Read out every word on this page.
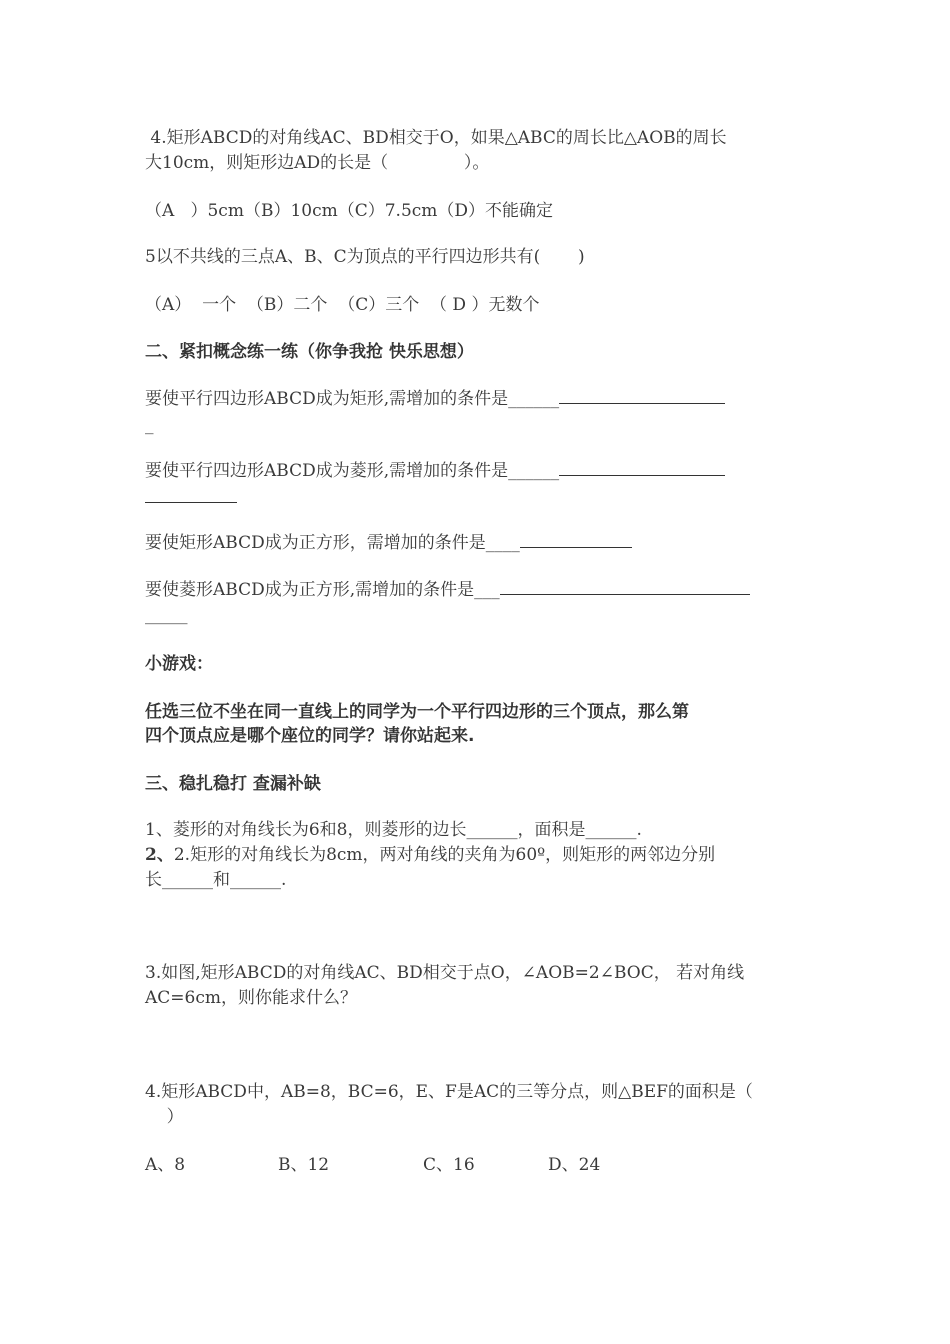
4.矩形ABCD的对角线AC、BD相交于O，如果△ABC的周长比△AOB的周长

大10cm，则矩形边AD的长是（              ）。

（A   ）5cm（B）10cm（C）7.5cm（D）不能确定

5以不共线的三点A、B、C为顶点的平行四边形共有(       )

（A）  一个  （B）二个  （C）三个  （ D ）无数个

二、紧扣概念练一练（你争我抢 快乐思想）

要使平行四边形ABCD成为矩形,需增加的条件是______

_

要使平行四边形ABCD成为菱形,需增加的条件是______

要使矩形ABCD成为正方形，需增加的条件是____

要使菱形ABCD成为正方形,需增加的条件是___

_____

小游戏：

任选三位不坐在同一直线上的同学为一个平行四边形的三个顶点，那么第

四个顶点应是哪个座位的同学？请你站起来.

三、稳扎稳打 查漏补缺

1、菱形的对角线长为6和8，则菱形的边长______，面积是______.

2、2.矩形的对角线长为8cm，两对角线的夹角为60º，则矩形的两邻边分别

长______和______.

3.如图,矩形ABCD的对角线AC、BD相交于点O，∠AOB=2∠BOC， 若对角线

AC=6cm，则你能求什么？

4.矩形ABCD中，AB=8，BC=6，E、F是AC的三等分点，则△BEF的面积是（

）

A、8	B、12	C、16	D、24
